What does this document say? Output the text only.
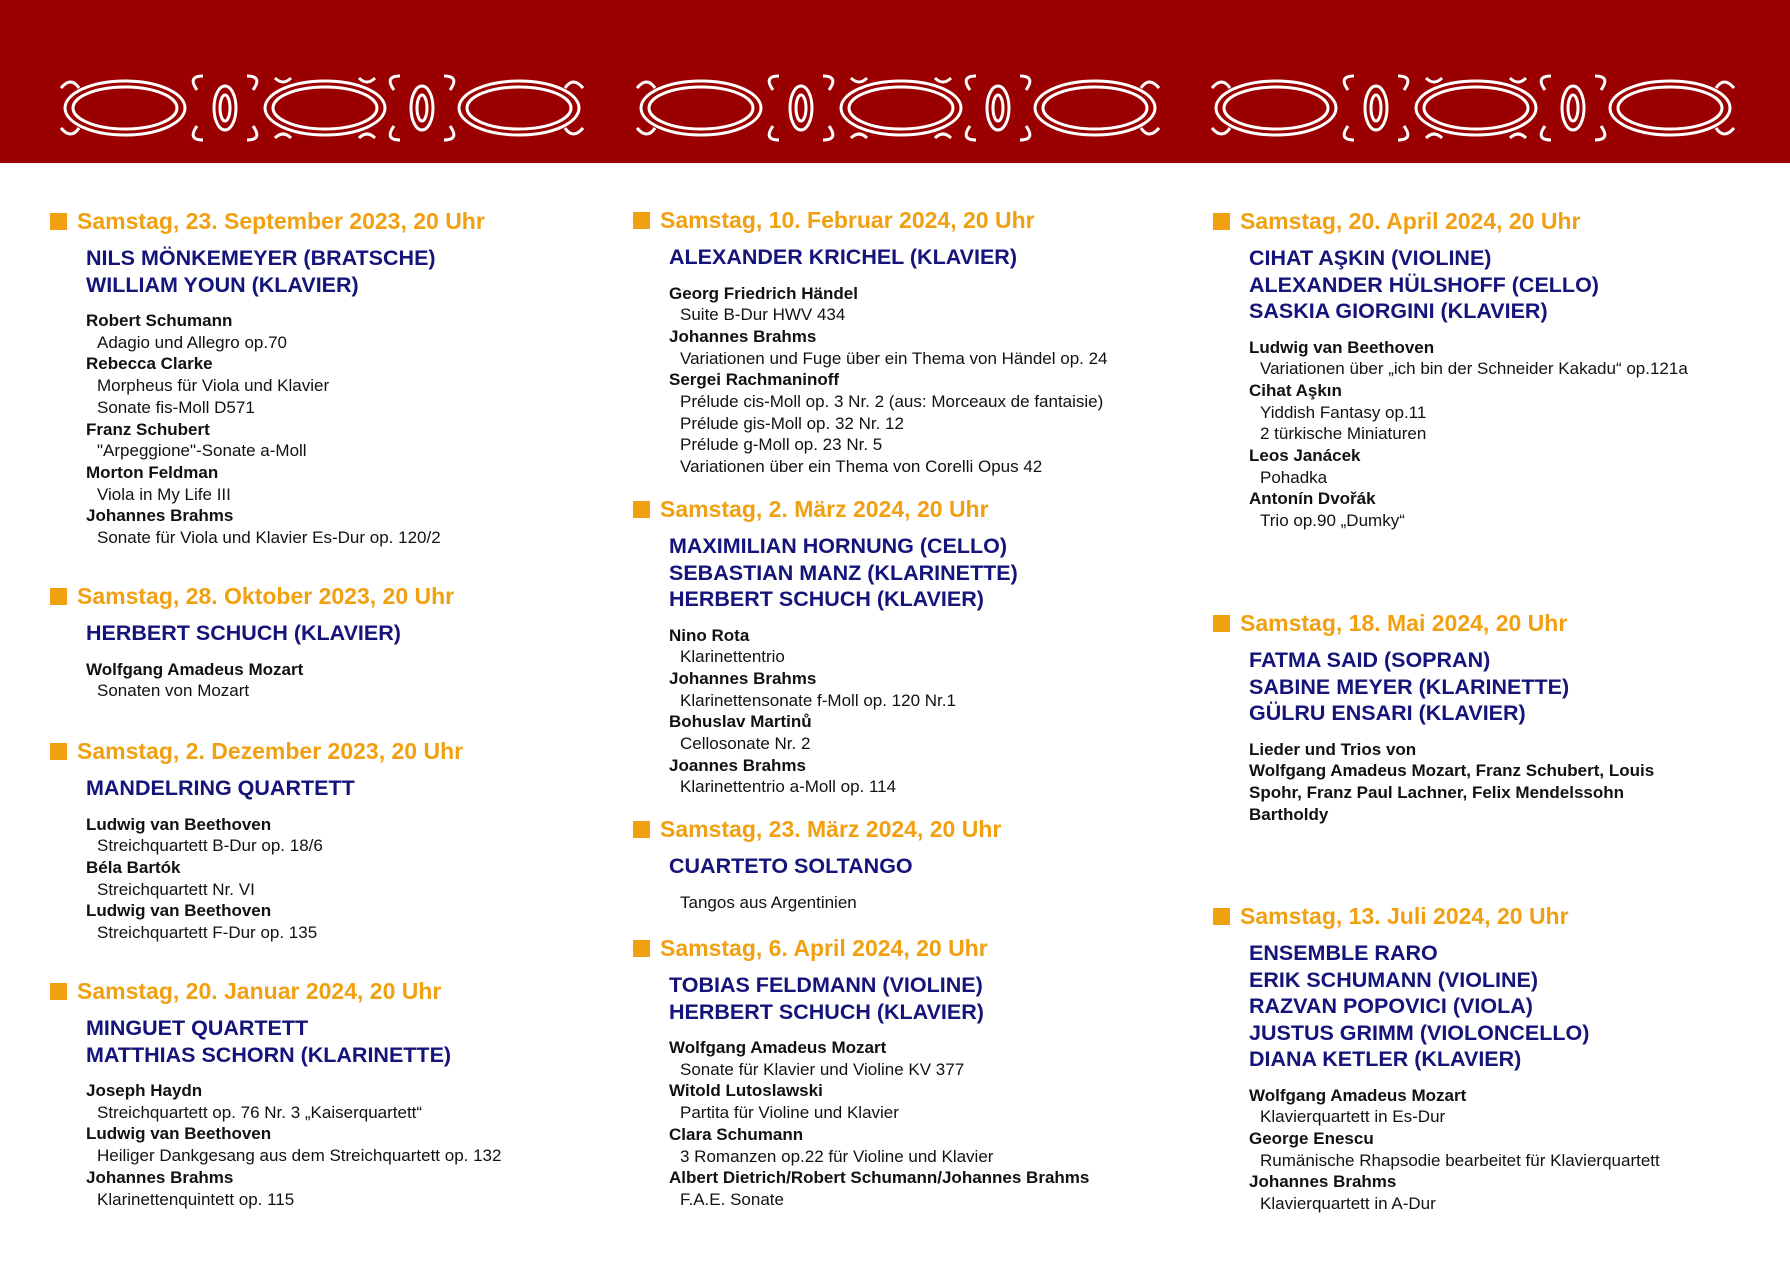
Samstag, 23. September 2023, 20 Uhr
NILS MÖNKEMEYER (BRATSCHE)
WILLIAM YOUN (KLAVIER)
Robert Schumann
Adagio und Allegro op.70
Rebecca Clarke
Morpheus für Viola und Klavier
Sonate fis-Moll D571
Franz Schubert
"Arpeggione"-Sonate a-Moll
Morton Feldman
Viola in My Life III
Johannes Brahms
Sonate für Viola und Klavier Es-Dur op. 120/2
Samstag, 28. Oktober 2023, 20 Uhr
HERBERT SCHUCH (KLAVIER)
Wolfgang Amadeus Mozart
Sonaten von Mozart
Samstag, 2. Dezember 2023, 20 Uhr
MANDELRING QUARTETT
Ludwig van Beethoven
Streichquartett B-Dur op. 18/6
Béla Bartók
Streichquartett Nr. VI
Ludwig van Beethoven
Streichquartett F-Dur op. 135
Samstag, 20. Januar 2024, 20 Uhr
MINGUET QUARTETT
MATTHIAS SCHORN (KLARINETTE)
Joseph Haydn
Streichquartett op. 76 Nr. 3 „Kaiserquartett“
Ludwig van Beethoven
Heiliger Dankgesang aus dem Streichquartett op. 132
Johannes Brahms
Klarinettenquintett op. 115
Samstag, 10. Februar 2024, 20 Uhr
ALEXANDER KRICHEL (KLAVIER)
Georg Friedrich Händel
Suite B-Dur HWV 434
Johannes Brahms
Variationen und Fuge über ein Thema von Händel op. 24
Sergei Rachmaninoff
Prélude cis-Moll op. 3 Nr. 2 (aus: Morceaux de fantaisie)
Prélude gis-Moll op. 32 Nr. 12
Prélude g-Moll op. 23 Nr. 5
Variationen über ein Thema von Corelli Opus 42
Samstag, 2. März 2024, 20 Uhr
MAXIMILIAN HORNUNG (CELLO)
SEBASTIAN MANZ (KLARINETTE)
HERBERT SCHUCH (KLAVIER)
Nino Rota
Klarinettentrio
Johannes Brahms
Klarinettensonate f-Moll op. 120 Nr.1
Bohuslav Martinů
Cellosonate Nr. 2
Joannes Brahms
Klarinettentrio a-Moll op. 114
Samstag, 23. März 2024, 20 Uhr
CUARTETO SOLTANGO
Tangos aus Argentinien
Samstag, 6. April 2024, 20 Uhr
TOBIAS FELDMANN (VIOLINE)
HERBERT SCHUCH (KLAVIER)
Wolfgang Amadeus Mozart
Sonate für Klavier und Violine KV 377
Witold Lutoslawski
Partita für Violine und Klavier
Clara Schumann
3 Romanzen op.22 für Violine und Klavier
Albert Dietrich/Robert Schumann/Johannes Brahms
F.A.E. Sonate
Samstag, 20. April 2024, 20 Uhr
CIHAT AŞKIN (VIOLINE)
ALEXANDER HÜLSHOFF (CELLO)
SASKIA GIORGINI (KLAVIER)
Ludwig van Beethoven
Variationen über „ich bin der Schneider Kakadu“ op.121a
Cihat Aşkın
Yiddish Fantasy op.11
2 türkische Miniaturen
Leos Janácek
Pohadka
Antonín Dvořák
Trio op.90 „Dumky“
Samstag, 18. Mai 2024, 20 Uhr
FATMA SAID (SOPRAN)
SABINE MEYER (KLARINETTE)
GÜLRU ENSARI (KLAVIER)
Lieder und Trios von
Wolfgang Amadeus Mozart, Franz Schubert, Louis
Spohr, Franz Paul Lachner, Felix Mendelssohn
Bartholdy
Samstag, 13. Juli 2024, 20 Uhr
ENSEMBLE RARO
ERIK SCHUMANN (VIOLINE)
RAZVAN POPOVICI (VIOLA)
JUSTUS GRIMM (VIOLONCELLO)
DIANA KETLER (KLAVIER)
Wolfgang Amadeus Mozart
Klavierquartett in Es-Dur
George Enescu
Rumänische Rhapsodie bearbeitet für Klavierquartett
Johannes Brahms
Klavierquartett in A-Dur
